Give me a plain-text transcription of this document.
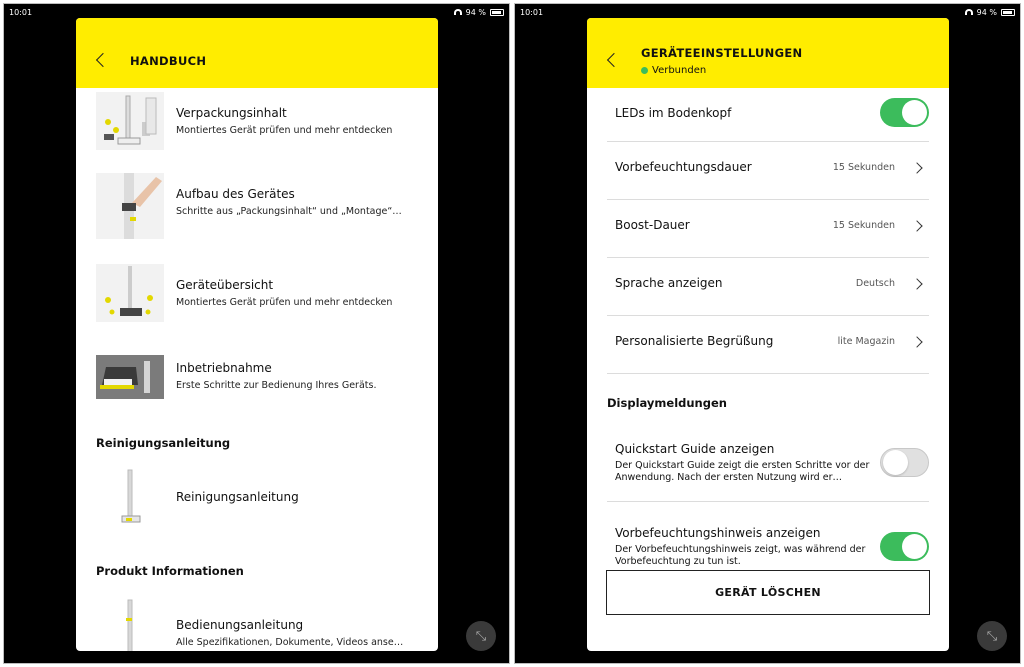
10:01	94 %
HANDBUCH
Verpackungsinhalt
Montiertes Gerät prüfen und mehr entdecken
Aufbau des Gerätes
Schritte aus „Packungsinhalt“ und „Montage“…
Geräteübersicht
Montiertes Gerät prüfen und mehr entdecken
Inbetriebnahme
Erste Schritte zur Bedienung Ihres Geräts.
Reinigungsanleitung
Reinigungsanleitung
Produkt Informationen
Bedienungsanleitung
Alle Spezifikationen, Dokumente, Videos anse…	⤡
10:01	94 %
GERÄTEEINSTELLUNGEN
Verbunden
LEDs im Bodenkopf
Vorbefeuchtungsdauer	15 Sekunden
Boost-Dauer	15 Sekunden
Sprache anzeigen	Deutsch
Personalisierte Begrüßung	lite Magazin
Displaymeldungen
Quickstart Guide anzeigen
Der Quickstart Guide zeigt die ersten Schritte vor der Anwendung. Nach der ersten Nutzung wird er…
Vorbefeuchtungshinweis anzeigen
Der Vorbefeuchtungshinweis zeigt, was während der Vorbefeuchtung zu tun ist.
GERÄT LÖSCHEN
⤡
